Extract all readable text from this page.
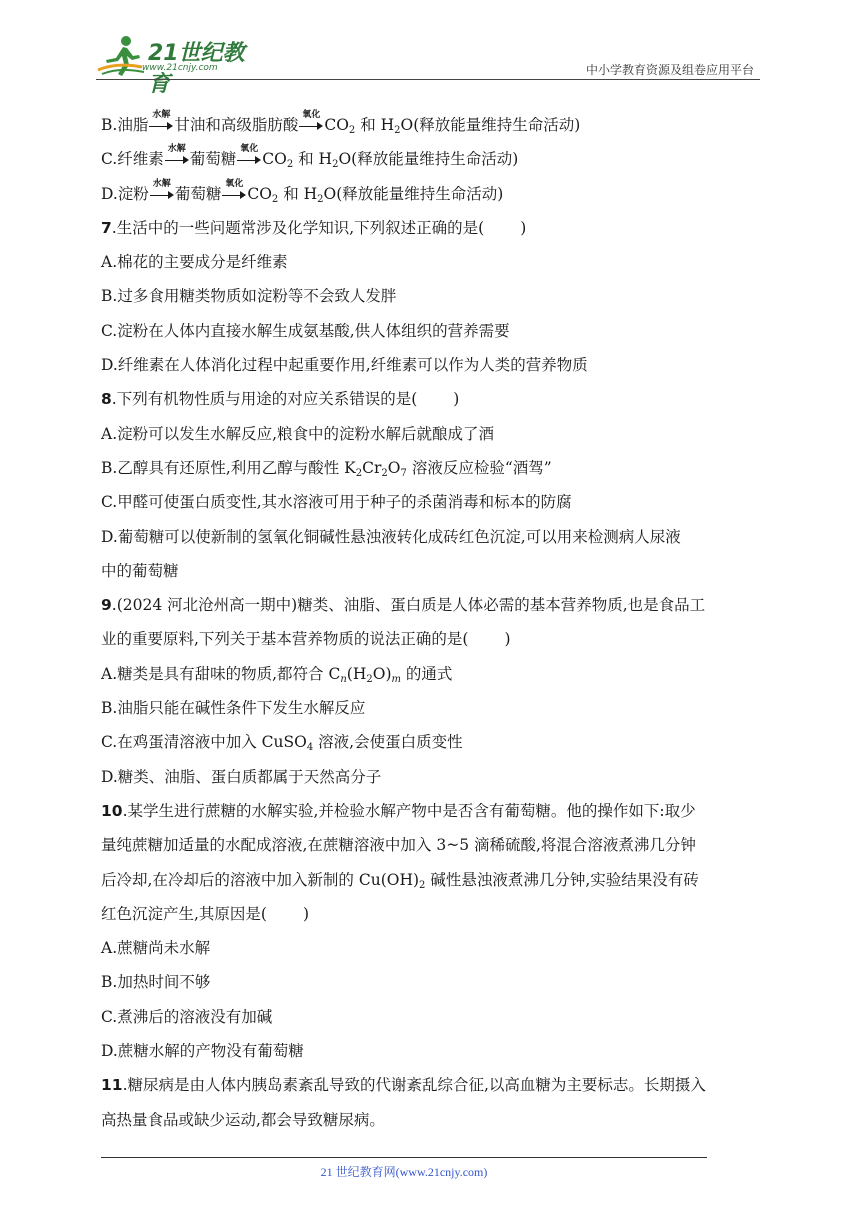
21世纪教育
www.21cnjy.com	中小学教育资源及组卷应用平台
B.油脂
水解
甘油和高级脂肪酸
氧化
$CO_2$ 和 $H_2O$(释放能量维持生命活动)
C.纤维素
水解
葡萄糖
氧化
$CO_2$ 和 $H_2O$(释放能量维持生命活动)
D.淀粉
水解
葡萄糖
氧化
$CO_2$ 和 $H_2O$(释放能量维持生命活动)
7.生活中的一些问题常涉及化学知识,下列叙述正确的是( )
A.棉花的主要成分是纤维素
B.过多食用糖类物质如淀粉等不会致人发胖
C.淀粉在人体内直接水解生成氨基酸,供人体组织的营养需要
D.纤维素在人体消化过程中起重要作用,纤维素可以作为人类的营养物质
8.下列有机物性质与用途的对应关系错误的是( )
A.淀粉可以发生水解反应,粮食中的淀粉水解后就酿成了酒
B.乙醇具有还原性,利用乙醇与酸性 $K_2Cr_2O_7$ 溶液反应检验“酒驾”
C.甲醛可使蛋白质变性,其水溶液可用于种子的杀菌消毒和标本的防腐
D.葡萄糖可以使新制的氢氧化铜碱性悬浊液转化成砖红色沉淀,可以用来检测病人尿液
中的葡萄糖
9.(2024 河北沧州高一期中)糖类、油脂、蛋白质是人体必需的基本营养物质,也是食品工
业的重要原料,下列关于基本营养物质的说法正确的是( )
A.糖类是具有甜味的物质,都符合 $C_n(H_2O)_m$ 的通式
B.油脂只能在碱性条件下发生水解反应
C.在鸡蛋清溶液中加入 CuSO$_4$ 溶液,会使蛋白质变性
D.糖类、油脂、蛋白质都属于天然高分子
10.某学生进行蔗糖的水解实验,并检验水解产物中是否含有葡萄糖。他的操作如下:取少
量纯蔗糖加适量的水配成溶液,在蔗糖溶液中加入 3~5 滴稀硫酸,将混合溶液煮沸几分钟
后冷却,在冷却后的溶液中加入新制的 $Cu(OH)_2$ 碱性悬浊液煮沸几分钟,实验结果没有砖
红色沉淀产生,其原因是( )
A.蔗糖尚未水解
B.加热时间不够
C.煮沸后的溶液没有加碱
D.蔗糖水解的产物没有葡萄糖
11.糖尿病是由人体内胰岛素紊乱导致的代谢紊乱综合征,以高血糖为主要标志。长期摄入
高热量食品或缺少运动,都会导致糖尿病。
21 世纪教育网(www.21cnjy.com)
